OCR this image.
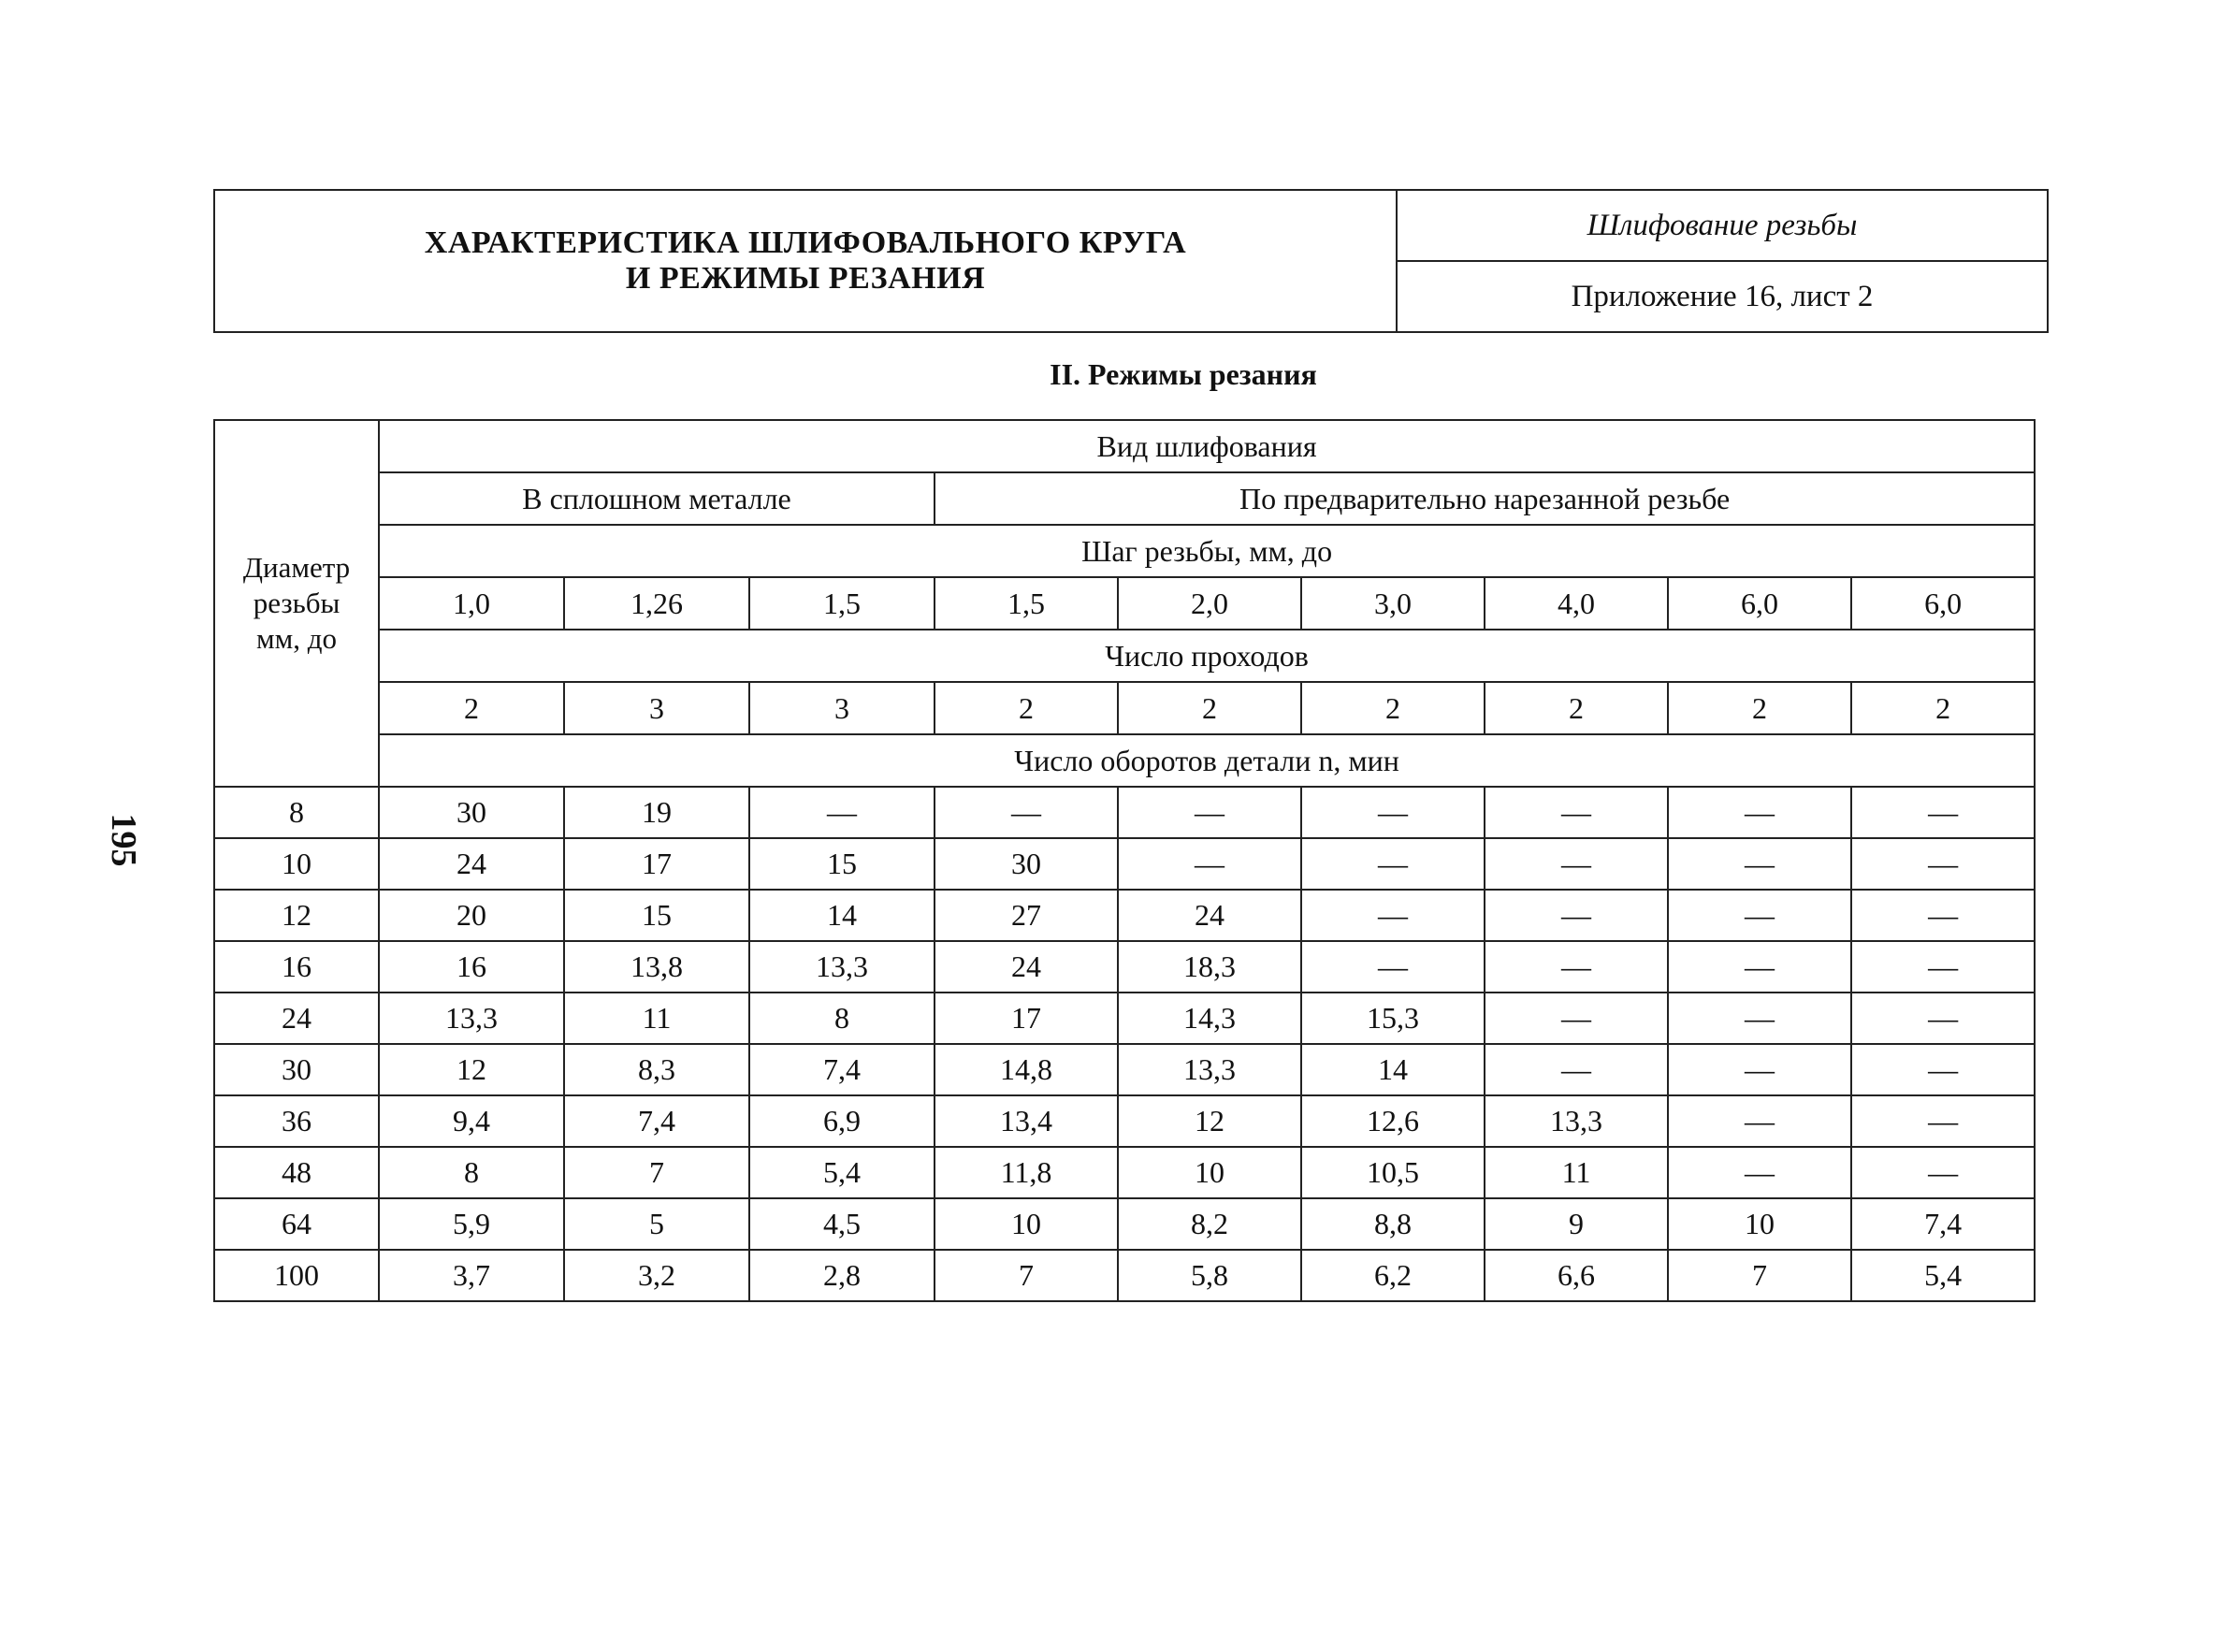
ХАРАКТЕРИСТИКА ШЛИФОВАЛЬНОГО КРУГА
И РЕЖИМЫ РЕЗАНИЯ
Шлифование резьбы
Приложение 16, лист 2
II. Режимы резания
195
Диаметр
резьбы
мм, до	Вид шлифования								
	В сплошном металле			По предварительно нарезанной резьбе					
	Шаг резьбы, мм, до								
	1,0	1,26	1,5	1,5	2,0	3,0	4,0	6,0	6,0
	Число проходов								
	2	3	3	2	2	2	2	2	2
	Число оборотов детали n, мин								
8	30	19	—	—	—	—	—	—	—
10	24	17	15	30	—	—	—	—	—
12	20	15	14	27	24	—	—	—	—
16	16	13,8	13,3	24	18,3	—	—	—	—
24	13,3	11	8	17	14,3	15,3	—	—	—
30	12	8,3	7,4	14,8	13,3	14	—	—	—
36	9,4	7,4	6,9	13,4	12	12,6	13,3	—	—
48	8	7	5,4	11,8	10	10,5	11	—	—
64	5,9	5	4,5	10	8,2	8,8	9	10	7,4
100	3,7	3,2	2,8	7	5,8	6,2	6,6	7	5,4
